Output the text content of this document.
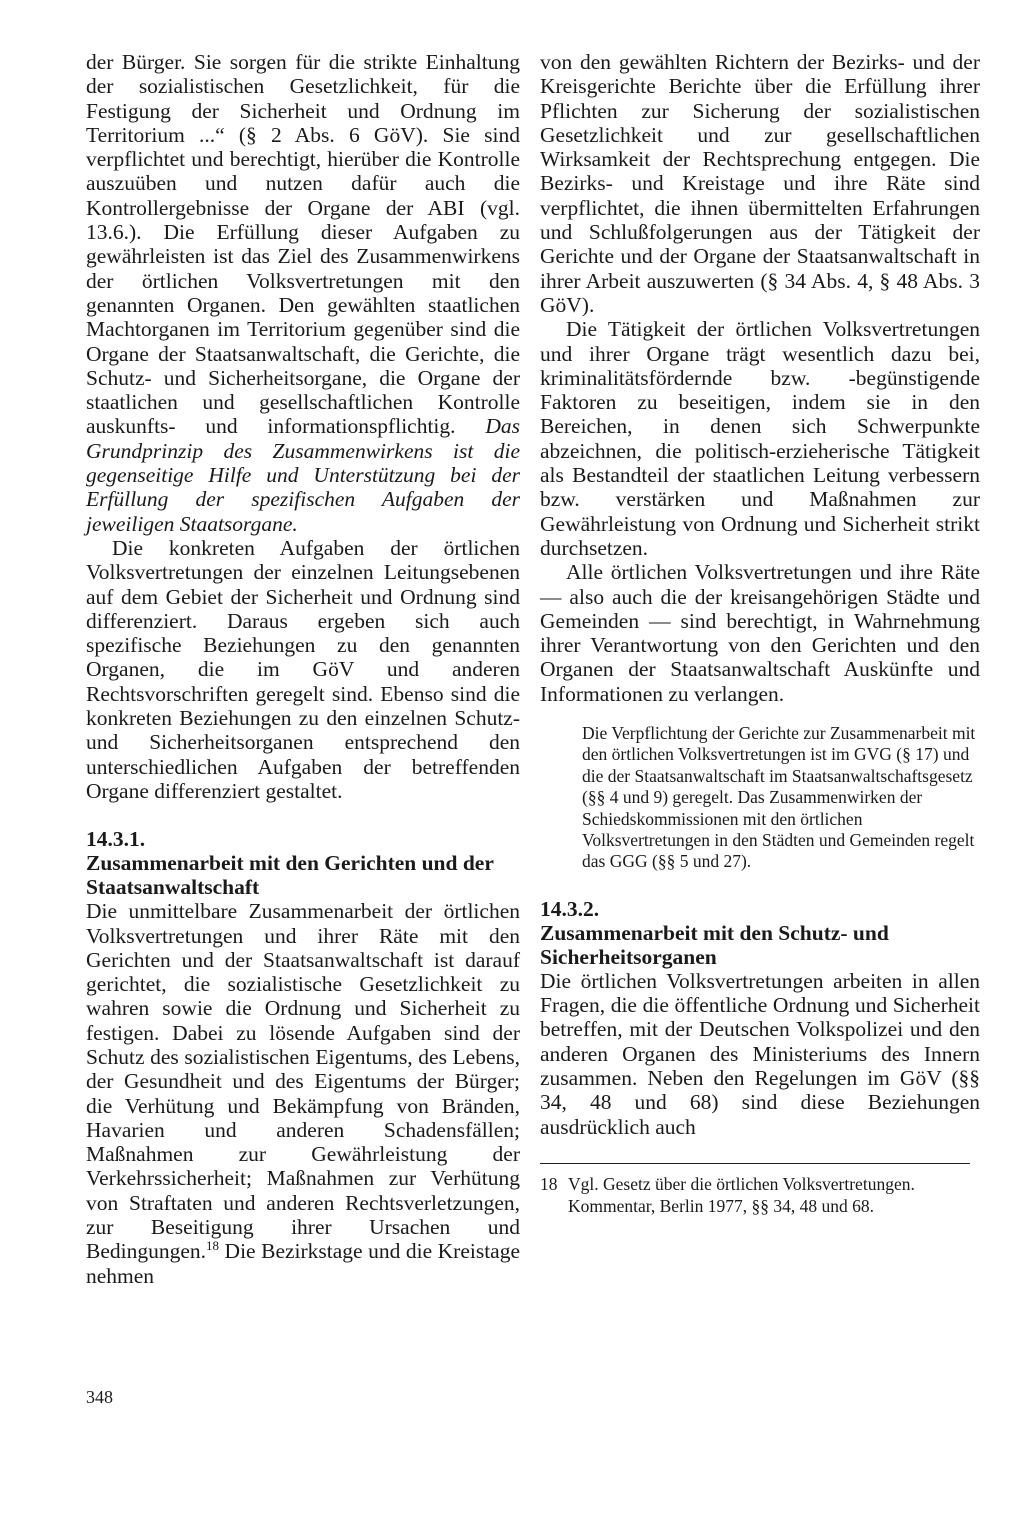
der Bürger. Sie sorgen für die strikte Einhaltung der sozialistischen Gesetzlichkeit, für die Festigung der Sicherheit und Ordnung im Territorium ...“ (§ 2 Abs. 6 GöV). Sie sind verpflichtet und berechtigt, hierüber die Kontrolle auszuüben und nutzen dafür auch die Kontrollergebnisse der Organe der ABI (vgl. 13.6.). Die Erfüllung dieser Aufgaben zu gewährleisten ist das Ziel des Zusammenwirkens der örtlichen Volksvertretungen mit den genannten Organen. Den gewählten staatlichen Machtorganen im Territorium gegenüber sind die Organe der Staatsanwaltschaft, die Gerichte, die Schutz- und Sicherheitsorgane, die Organe der staatlichen und gesellschaftlichen Kontrolle auskunfts- und informationspflichtig. Das Grundprinzip des Zusammenwirkens ist die gegenseitige Hilfe und Unterstützung bei der Erfüllung der spezifischen Aufgaben der jeweiligen Staatsorgane.

Die konkreten Aufgaben der örtlichen Volksvertretungen der einzelnen Leitungsebenen auf dem Gebiet der Sicherheit und Ordnung sind differenziert. Daraus ergeben sich auch spezifische Beziehungen zu den genannten Organen, die im GöV und anderen Rechtsvorschriften geregelt sind. Ebenso sind die konkreten Beziehungen zu den einzelnen Schutz- und Sicherheitsorganen entsprechend den unterschiedlichen Aufgaben der betreffenden Organe differenziert gestaltet.

14.3.1.
Zusammenarbeit mit den Gerichten und der Staatsanwaltschaft

Die unmittelbare Zusammenarbeit der örtlichen Volksvertretungen und ihrer Räte mit den Gerichten und der Staatsanwaltschaft ist darauf gerichtet, die sozialistische Gesetzlichkeit zu wahren sowie die Ordnung und Sicherheit zu festigen. Dabei zu lösende Aufgaben sind der Schutz des sozialistischen Eigentums, des Lebens, der Gesundheit und des Eigentums der Bürger; die Verhütung und Bekämpfung von Bränden, Havarien und anderen Schadensfällen; Maßnahmen zur Gewährleistung der Verkehrssicherheit; Maßnahmen zur Verhütung von Straftaten und anderen Rechtsverletzungen, zur Beseitigung ihrer Ursachen und Bedingungen.$^{18}$ Die Bezirkstage und die Kreistage nehmen

von den gewählten Richtern der Bezirks- und der Kreisgerichte Berichte über die Erfüllung ihrer Pflichten zur Sicherung der sozialistischen Gesetzlichkeit und zur gesellschaftlichen Wirksamkeit der Rechtsprechung entgegen. Die Bezirks- und Kreistage und ihre Räte sind verpflichtet, die ihnen übermittelten Erfahrungen und Schlußfolgerungen aus der Tätigkeit der Gerichte und der Organe der Staatsanwaltschaft in ihrer Arbeit auszuwerten (§ 34 Abs. 4, § 48 Abs. 3 GöV).

Die Tätigkeit der örtlichen Volksvertretungen und ihrer Organe trägt wesentlich dazu bei, kriminalitätsfördernde bzw. -begünstigende Faktoren zu beseitigen, indem sie in den Bereichen, in denen sich Schwerpunkte abzeichnen, die politisch-erzieherische Tätigkeit als Bestandteil der staatlichen Leitung verbessern bzw. verstärken und Maßnahmen zur Gewährleistung von Ordnung und Sicherheit strikt durchsetzen.

Alle örtlichen Volksvertretungen und ihre Räte — also auch die der kreisangehörigen Städte und Gemeinden — sind berechtigt, in Wahrnehmung ihrer Verantwortung von den Gerichten und den Organen der Staatsanwaltschaft Auskünfte und Informationen zu verlangen.

Die Verpflichtung der Gerichte zur Zusammenarbeit mit den örtlichen Volksvertretungen ist im GVG (§ 17) und die der Staatsanwaltschaft im Staatsanwaltschaftsgesetz (§§ 4 und 9) geregelt. Das Zusammenwirken der Schiedskommissionen mit den örtlichen Volksvertretungen in den Städten und Gemeinden regelt das GGG (§§ 5 und 27).

14.3.2.
Zusammenarbeit mit den Schutz- und Sicherheitsorganen

Die örtlichen Volksvertretungen arbeiten in allen Fragen, die die öffentliche Ordnung und Sicherheit betreffen, mit der Deutschen Volkspolizei und den anderen Organen des Ministeriums des Innern zusammen. Neben den Regelungen im GöV (§§ 34, 48 und 68) sind diese Beziehungen ausdrücklich auch

18 Vgl. Gesetz über die örtlichen Volksvertretungen. Kommentar, Berlin 1977, §§ 34, 48 und 68.
348
